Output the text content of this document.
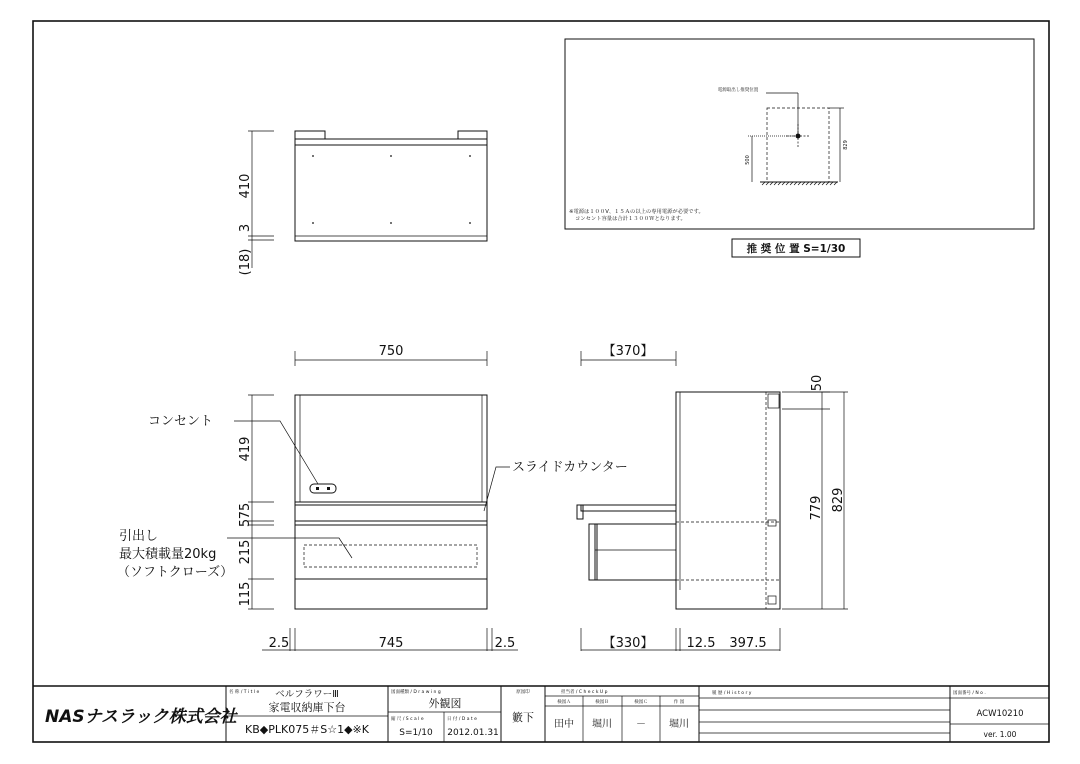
電源取出し推奨位置
500
829
※電源は１００V、１５Ａの以上の専用電源が必要です。
コンセント容量は合計１３００Ｗとなります。
推 奨 位 置 S=1/30
410
3
(18)
750
419
75
5
215
115
コンセント
引出し
最大積載量20kg
（ソフトクローズ）
スライドカウンター
2.5	745	2.5
【370】
50
779 829
【330】	12.5 397.5
NASナスラック株式会社
名 称 / T i t l e ベルフラワーⅢ
家電収納庫下台
KB◆PLK075＃S☆1◆※K
図面種類 / D r a w i n g
外観図
縮 尺 / S c a l e
S=1/10
日 付 / D a t e
2012.01.31
原図印
籔下
担当者 / C h e c k U p
検図Ａ	検図Ｂ	検図Ｃ	作 図
田中 堀川 － 堀川
履 歴 / H i s t o r y	図面番号 / N o .
ACW10210
ver. 1.00
